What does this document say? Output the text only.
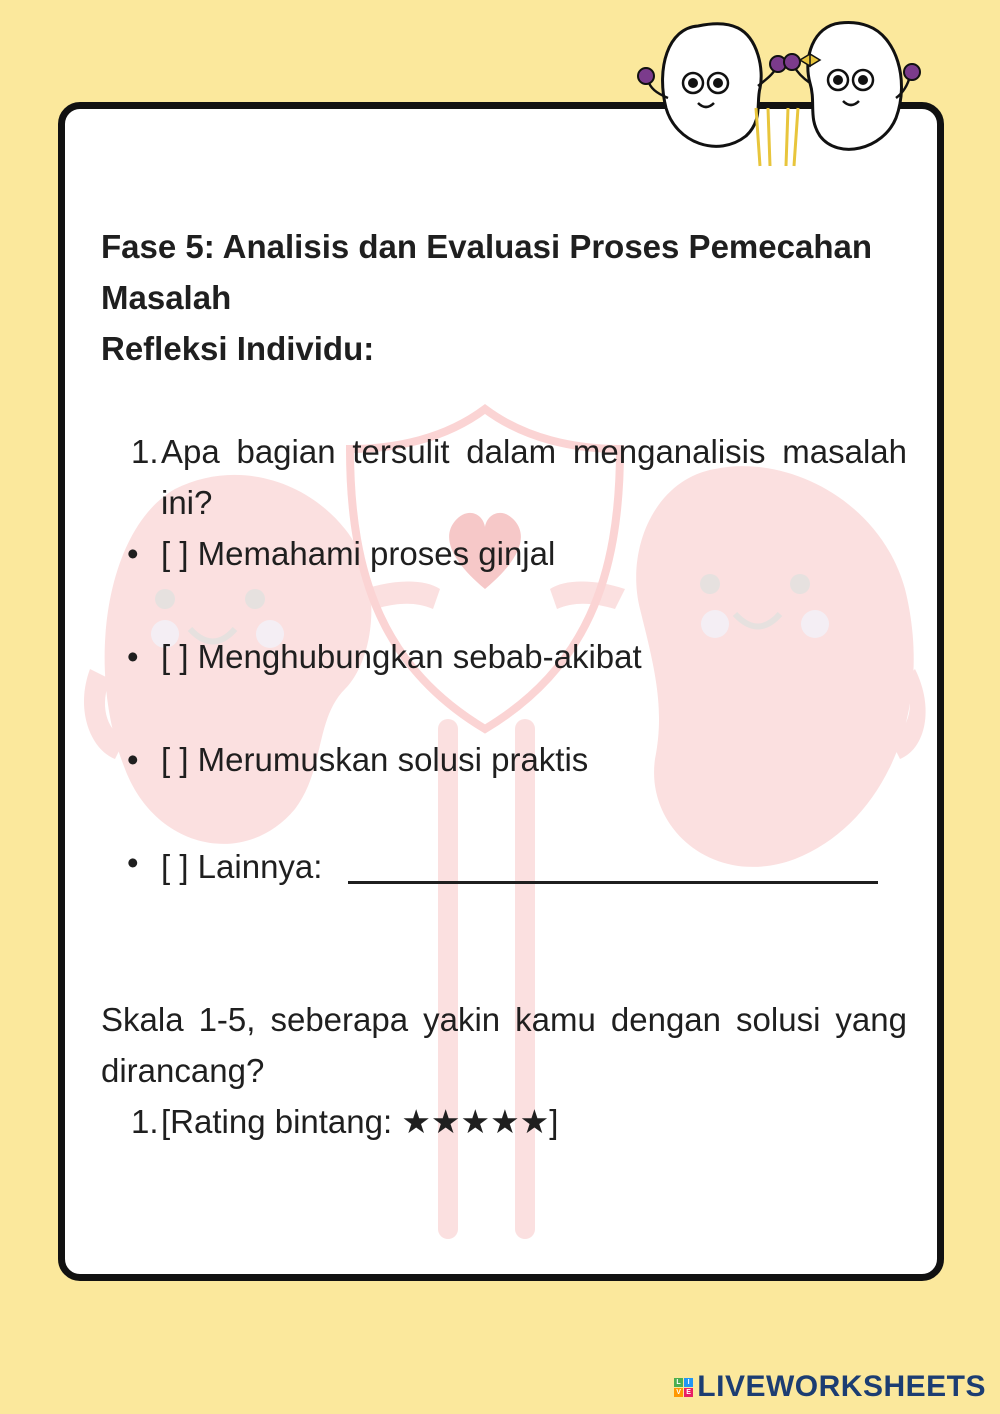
Fase 5: Analisis dan Evaluasi Proses Pemecahan Masalah

Refleksi Individu:

1. Apa bagian tersulit dalam menganalisis masalah ini?
• [ ] Memahami proses ginjal
• [ ] Menghubungkan sebab-akibat
• [ ] Merumuskan solusi praktis
• [ ] Lainnya:
Skala 1-5, seberapa yakin kamu dengan solusi yang dirancang?
1. [Rating bintang: ★★★★★]
L I
V E LIVEWORKSHEETS
